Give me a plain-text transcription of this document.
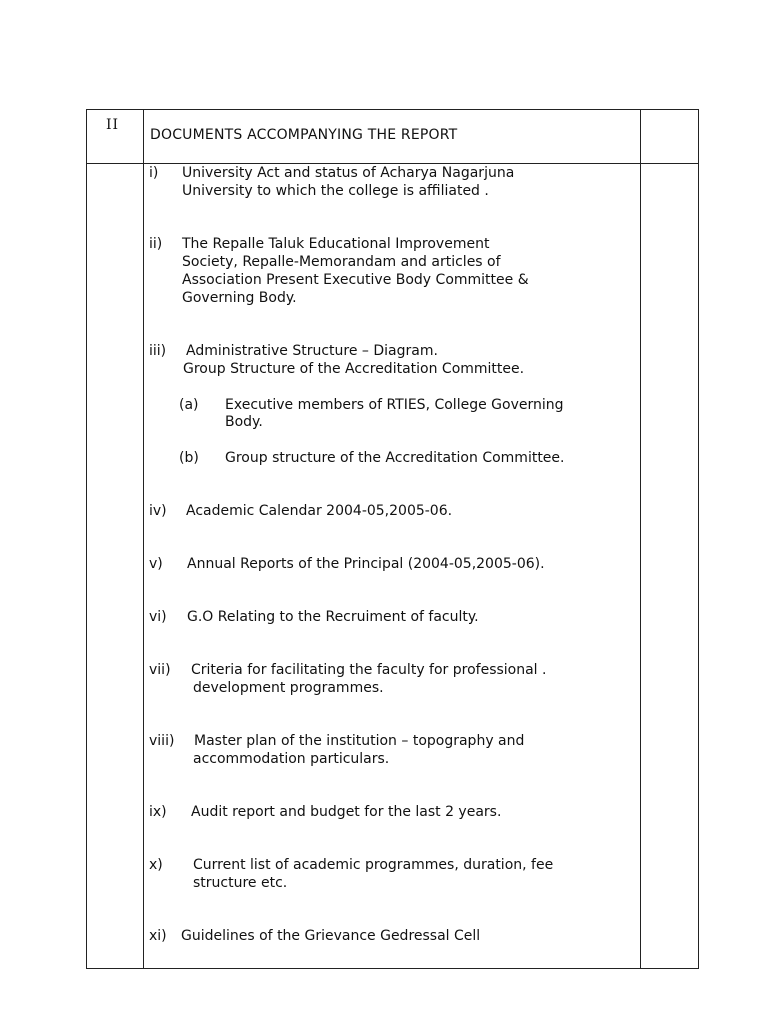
II
DOCUMENTS ACCOMPANYING THE REPORT
i) University Act and status of Acharya Nagarjuna
University to which the college is affiliated .
ii) The Repalle Taluk Educational Improvement
Society, Repalle-Memorandam and articles of
Association Present Executive Body Committee &
Governing Body.
iii) Administrative Structure – Diagram.
Group Structure of the Accreditation Committee.
(a) Executive members of RTIES, College Governing
Body.
(b) Group structure of the Accreditation Committee.
iv) Academic Calendar 2004-05,2005-06.
v) Annual Reports of the Principal (2004-05,2005-06).
vi) G.O Relating to the Recruiment of faculty.
vii) Criteria for facilitating the faculty for professional .
development programmes.
viii) Master plan of the institution – topography and
accommodation particulars.
ix) Audit report and budget for the last 2 years.
x) Current list of academic programmes, duration, fee
structure etc.
xi) Guidelines of the Grievance Gedressal Cell
